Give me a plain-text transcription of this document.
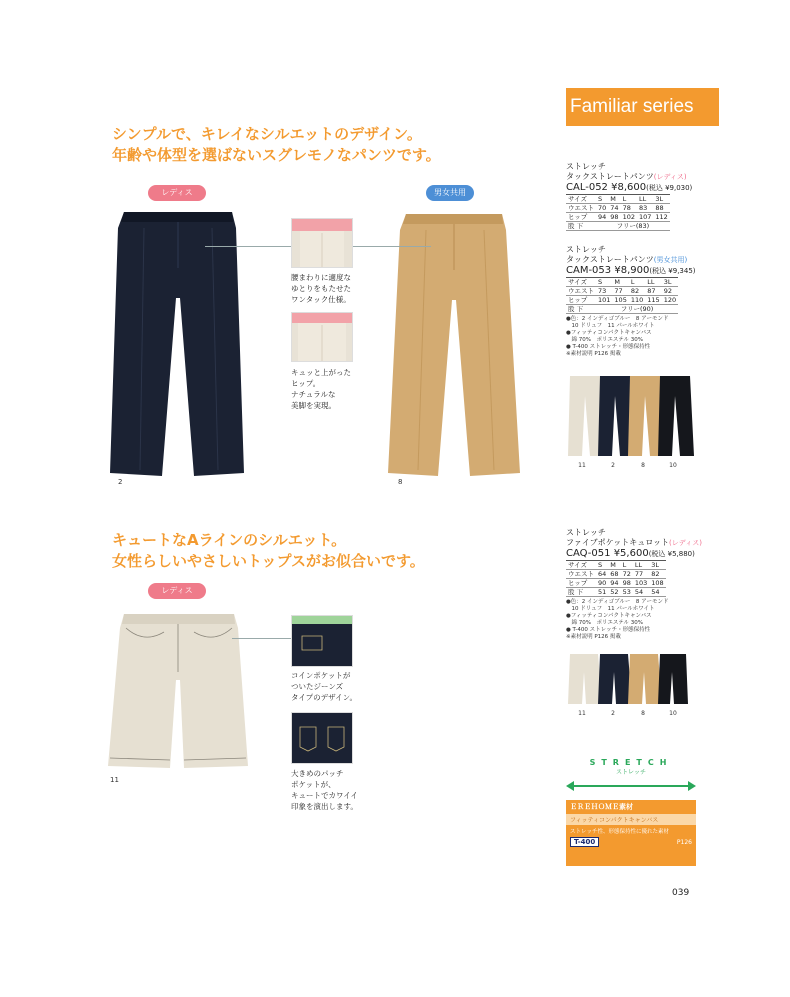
Familiar series
シンプルで、キレイなシルエットのデザイン。
年齢や体型を選ばないスグレモノなパンツです。
レディス	男女共用
2	8
腰まわりに適度な
ゆとりをもたせた
ワンタック仕様。
キュッと上がった
ヒップ。
ナチュラルな
美脚を実現。
キュートなAラインのシルエット。
女性らしいやさしいトップスがお似合いです。
レディス
11
コインポケットが
ついたジーンズ
タイプのデザイン。
大きめのパッチ
ポケットが、
キュートでカワイイ
印象を演出します。
ストレッチ
タックストレートパンツ(レディス)
CAL-052 ¥8,600(税込 ¥9,030)
サイズ	S	M	L	LL	3L
ウエスト	70	74	78	83	88
ヒップ	94	98	102	107	112
股 下	フリー(83)				
ストレッチ
タックストレートパンツ(男女共用)
CAM-053 ¥8,900(税込 ¥9,345)
サイズ	S	M	L	LL	3L
ウエスト	73	77	82	87	92
ヒップ	101	105	110	115	120
股 下	フリー(90)				
●色：2 インディゴブルー　8 アーモンド
　10 ドリュフ　11 パールホワイト
●フィッティコンパクトキャンバス
　綿 70%　ポリエステル 30%
● T-400 ストレッチ・形態保持性
※素材説明 P126 掲載
11	2	8	10
ストレッチ
ファイブポケットキュロット(レディス)
CAQ-051 ¥5,600(税込 ¥5,880)
サイズ	S	M	L	LL	3L
ウエスト	64	68	72	77	82
ヒップ	90	94	98	103	108
股 下	51	52	53	54	54
●色：2 インディゴブルー　8 アーモンド
　10 ドリュフ　11 パールホワイト
●フィッティコンパクトキャンバス
　綿 70%　ポリエステル 30%
● T-400 ストレッチ・形態保持性
※素材説明 P126 掲載
11	2	8	10
STRETCH
ストレッチ
ＥＲＥＨＯＭＥ素材
フィッティコンパクトキャンバス
ストレッチ性、形態保持性に優れた素材
T-400	P126
039
